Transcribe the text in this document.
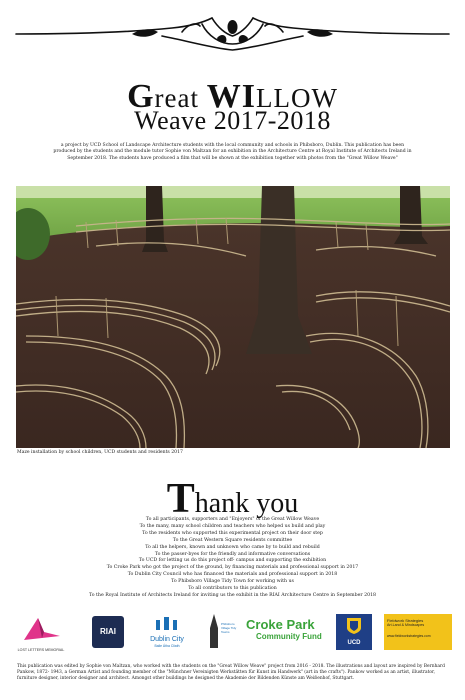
Great WILLOW
Weave 2017-2018
a project by UCD School of Landscape Architecture students with the local community and schools in Phibsboro, Dublin. This publication has been produced by the students and the module tutor Sophie von Maltzan for an exhibition in the Architecture Centre at Royal Institute of Architects Ireland in September 2018. The students have produced a film that will be shown at the exhibition together with photos from the "Great Willow Weave"
Maze installation by school children, UCD students and residents 2017
Thank you
To all participants, supporters and "Enjoyers" of the Great Willow Weave
To the many, many school children and teachers who helped us build and play
To the residents who supported this experimental project on their door step
To the Great Western Square residents committee
To all the helpers, known and unknown who came by to build and rebuild
To the passer-byes for the friendly and informative conversations
To UCD for letting us do this project off- campus and supporting the exhibition
To Croke Park who got the project of the ground, by financing materials and professional support in 2017
To Dublin City Council who has financed the materials and professional support in 2018
To Phibsboro Village Tidy Town for working with us
To all contributors to this publication
To the Royal Institute of Architects Ireland for inviting us the exhibit in the RIAI Architecture Centre in September 2018
LOST LETTERS MEMORIAL
RIAI
Dublin City
Baile Átha Cliath
Phibsboro Village Tidy Towns	Croke Park
Community Fund
UCD
Fieldwork Strategies
Art.Land & Mindscapes
www.fieldworkstrategies.com
This publication was edited by Sophie von Maltzan, who worked with the students on the "Great Willow Weave" project from 2016 - 2018. The illustrations and layout are inspired by Bernhard Pankow, 1872- 1943, a German Artist and founding member of the "Münchner Vereinigten Werkstätten für Kunst im Handwerk" (art in the crafts"). Pankow worked as an artist, illustrator, furniture designer, interior designer and architect. Amongst other buildings he designed the Akademie der Bildenden Künste am Weißenhof, Stuttgart.
